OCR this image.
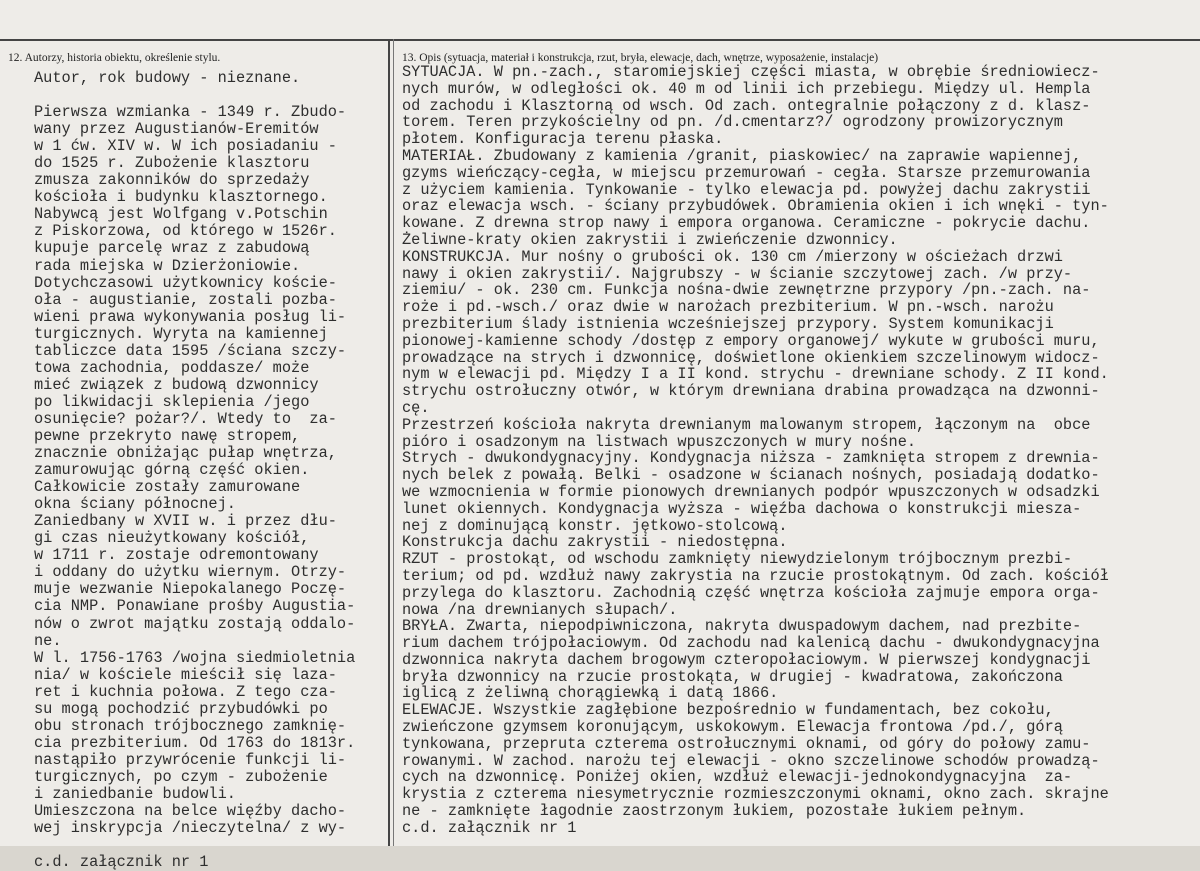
12. Autorzy, historia obiektu, określenie stylu.	13. Opis (sytuacja, materiał i konstrukcja, rzut, bryła, elewacje, dach, wnętrze, wyposażenie, instalacje)
Autor, rok budowy - nieznane.

Pierwsza wzmianka - 1349 r. Zbudo-
wany przez Augustianów-Eremitów
w 1 ćw. XIV w. W ich posiadaniu -
do 1525 r. Zubożenie klasztoru
zmusza zakonników do sprzedaży
kościoła i budynku klasztornego.
Nabywcą jest Wolfgang v.Potschin
z Piskorzowa, od którego w 1526r.
kupuje parcelę wraz z zabudową
rada miejska w Dzierżoniowie.
Dotychczasowi użytkownicy koście-
oła - augustianie, zostali pozba-
wieni prawa wykonywania posług li-
turgicznych. Wyryta na kamiennej
tabliczce data 1595 /ściana szczy-
towa zachodnia, poddasze/ może
mieć związek z budową dzwonnicy
po likwidacji sklepienia /jego
osunięcie? pożar?/. Wtedy to  za-
pewne przekryto nawę stropem,
znacznie obniżając pułap wnętrza,
zamurowując górną część okien.
Całkowicie zostały zamurowane
okna ściany północnej.
Zaniedbany w XVII w. i przez dłu-
gi czas nieużytkowany kościół,
w 1711 r. zostaje odremontowany
i oddany do użytku wiernym. Otrzy-
muje wezwanie Niepokalanego Poczę-
cia NMP. Ponawiane prośby Augustia-
nów o zwrot majątku zostają oddalo-
ne.
W l. 1756-1763 /wojna siedmioletnia
nia/ w kościele mieścił się laza-
ret i kuchnia połowa. Z tego cza-
su mogą pochodzić przybudówki po
obu stronach trójbocznego zamknię-
cia prezbiterium. Od 1763 do 1813r.
nastąpiło przywrócenie funkcji li-
turgicznych, po czym - zubożenie
i zaniedbanie budowli.
Umieszczona na belce więźby dacho-
wej inskrypcja /nieczytelna/ z wy-

c.d. załącznik nr 1
SYTUACJA. W pn.-zach., staromiejskiej części miasta, w obrębie średniowiecz-
nych murów, w odległości ok. 40 m od linii ich przebiegu. Między ul. Hempla
od zachodu i Klasztorną od wsch. Od zach. ontegralnie połączony z d. klasz-
torem. Teren przykościelny od pn. /d.cmentarz?/ ogrodzony prowizorycznym
płotem. Konfiguracja terenu płaska.
MATERIAŁ. Zbudowany z kamienia /granit, piaskowiec/ na zaprawie wapiennej,
gzyms wieńczący-cegła, w miejscu przemurowań - cegła. Starsze przemurowania
z użyciem kamienia. Tynkowanie - tylko elewacja pd. powyżej dachu zakrystii
oraz elewacja wsch. - ściany przybudówek. Obramienia okien i ich wnęki - tyn-
kowane. Z drewna strop nawy i empora organowa. Ceramiczne - pokrycie dachu.
Żeliwne-kraty okien zakrystii i zwieńczenie dzwonnicy.
KONSTRUKCJA. Mur nośny o grubości ok. 130 cm /mierzony w ościeżach drzwi
nawy i okien zakrystii/. Najgrubszy - w ścianie szczytowej zach. /w przy-
ziemiu/ - ok. 230 cm. Funkcja nośna-dwie zewnętrzne przypory /pn.-zach. na-
roże i pd.-wsch./ oraz dwie w narożach prezbiterium. W pn.-wsch. narożu
prezbiterium ślady istnienia wcześniejszej przypory. System komunikacji
pionowej-kamienne schody /dostęp z empory organowej/ wykute w grubości muru,
prowadzące na strych i dzwonnicę, doświetlone okienkiem szczelinowym widocz-
nym w elewacji pd. Między I a II kond. strychu - drewniane schody. Z II kond.
strychu ostrołuczny otwór, w którym drewniana drabina prowadząca na dzwonni-
cę.
Przestrzeń kościoła nakryta drewnianym malowanym stropem, łączonym na  obce
pióro i osadzonym na listwach wpuszczonych w mury nośne.
Strych - dwukondygnacyjny. Kondygnacja niższa - zamknięta stropem z drewnia-
nych belek z powałą. Belki - osadzone w ścianach nośnych, posiadają dodatko-
we wzmocnienia w formie pionowych drewnianych podpór wpuszczonych w odsadzki
lunet okiennych. Kondygnacja wyższa - więźba dachowa o konstrukcji miesza-
nej z dominującą konstr. jętkowo-stolcową.
Konstrukcja dachu zakrystii - niedostępna.
RZUT - prostokąt, od wschodu zamknięty niewydzielonym trójbocznym prezbi-
terium; od pd. wzdłuż nawy zakrystia na rzucie prostokątnym. Od zach. kościół
przylega do klasztoru. Zachodnią część wnętrza kościoła zajmuje empora orga-
nowa /na drewnianych słupach/.
BRYŁA. Zwarta, niepodpiwniczona, nakryta dwuspadowym dachem, nad prezbite-
rium dachem trójpołaciowym. Od zachodu nad kalenicą dachu - dwukondygnacyjna
dzwonnica nakryta dachem brogowym czteropołaciowym. W pierwszej kondygnacji
bryła dzwonnicy na rzucie prostokąta, w drugiej - kwadratowa, zakończona
iglicą z żeliwną chorągiewką i datą 1866.
ELEWACJE. Wszystkie zagłębione bezpośrednio w fundamentach, bez cokołu,
zwieńczone gzymsem koronującym, uskokowym. Elewacja frontowa /pd./, górą
tynkowana, przepruta czterema ostrołucznymi oknami, od góry do połowy zamu-
rowanymi. W zachod. narożu tej elewacji - okno szczelinowe schodów prowadzą-
cych na dzwonnicę. Poniżej okien, wzdłuż elewacji-jednokondygnacyjna  za-
krystia z czterema niesymetrycznie rozmieszczonymi oknami, okno zach. skrajne
ne - zamknięte łagodnie zaostrzonym łukiem, pozostałe łukiem pełnym.
c.d. załącznik nr 1
